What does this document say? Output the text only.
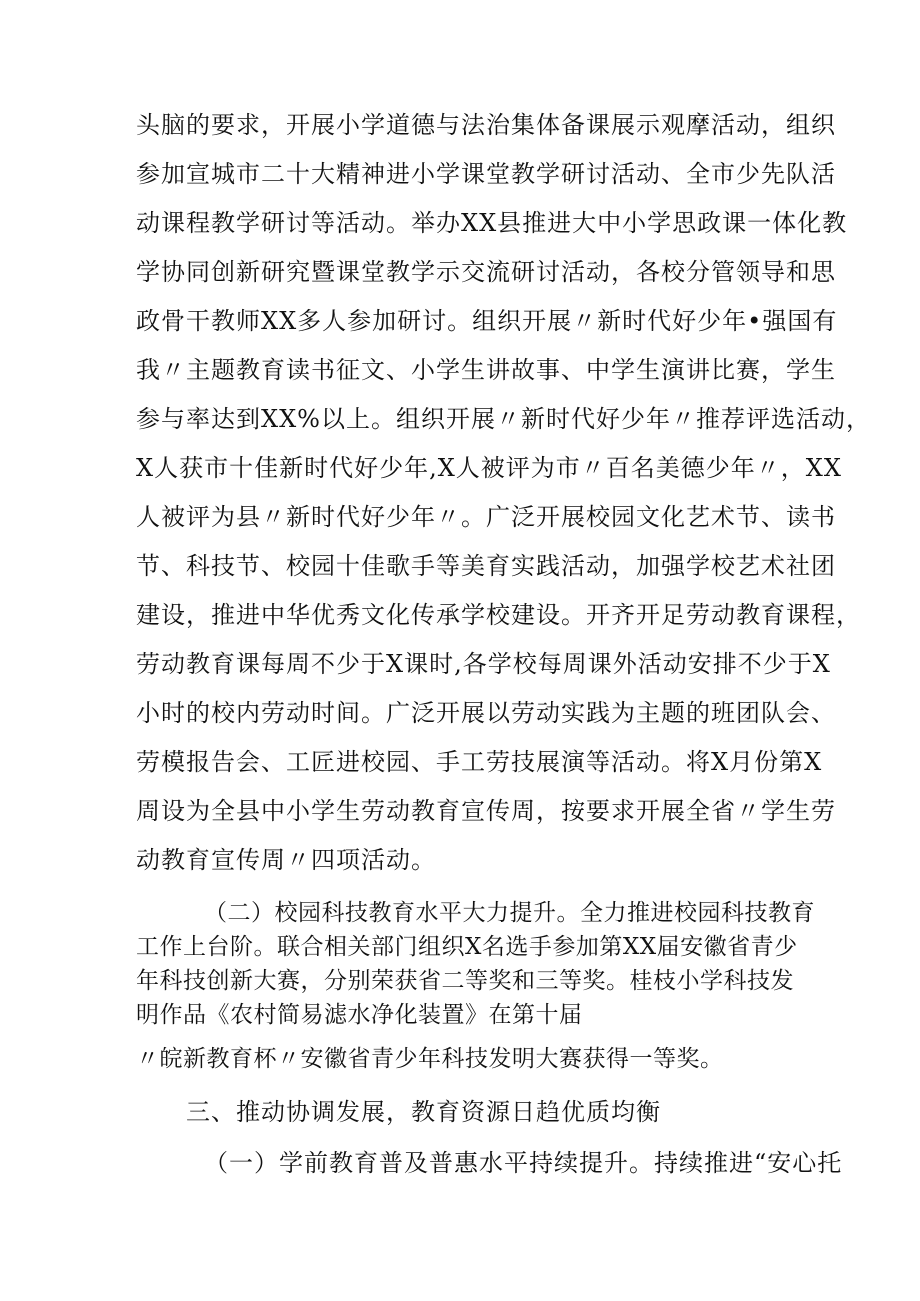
头脑的要求，开展小学道德与法治集体备课展示观摩活动，组织
参加宣城市二十大精神进小学课堂教学研讨活动、全市少先队活
动课程教学研讨等活动。举办XX县推进大中小学思政课一体化教
学协同创新研究暨课堂教学示交流研讨活动，各校分管领导和思
政骨干教师XX多人参加研讨。组织开展〃新时代好少年•强国有
我〃主题教育读书征文、小学生讲故事、中学生演讲比赛，学生
参与率达到XX%以上。组织开展〃新时代好少年〃推荐评选活动，
X人获市十佳新时代好少年,X人被评为市〃百名美德少年〃，XX
人被评为县〃新时代好少年〃。广泛开展校园文化艺术节、读书
节、科技节、校园十佳歌手等美育实践活动，加强学校艺术社团
建设，推进中华优秀文化传承学校建设。开齐开足劳动教育课程，
劳动教育课每周不少于X课时,各学校每周课外活动安排不少于X
小时的校内劳动时间。广泛开展以劳动实践为主题的班团队会、
劳模报告会、工匠进校园、手工劳技展演等活动。将X月份第X
周设为全县中小学生劳动教育宣传周，按要求开展全省〃学生劳
动教育宣传周〃四项活动。
（二）校园科技教育水平大力提升。全力推进校园科技教育
工作上台阶。联合相关部门组织X名选手参加第XX届安徽省青少
年科技创新大赛，分别荣获省二等奖和三等奖。桂枝小学科技发
明作品《农村简易滤水净化装置》在第十届
〃皖新教育杯〃安徽省青少年科技发明大赛获得一等奖。
三、推动协调发展，教育资源日趋优质均衡
（一）学前教育普及普惠水平持续提升。持续推进“安心托
